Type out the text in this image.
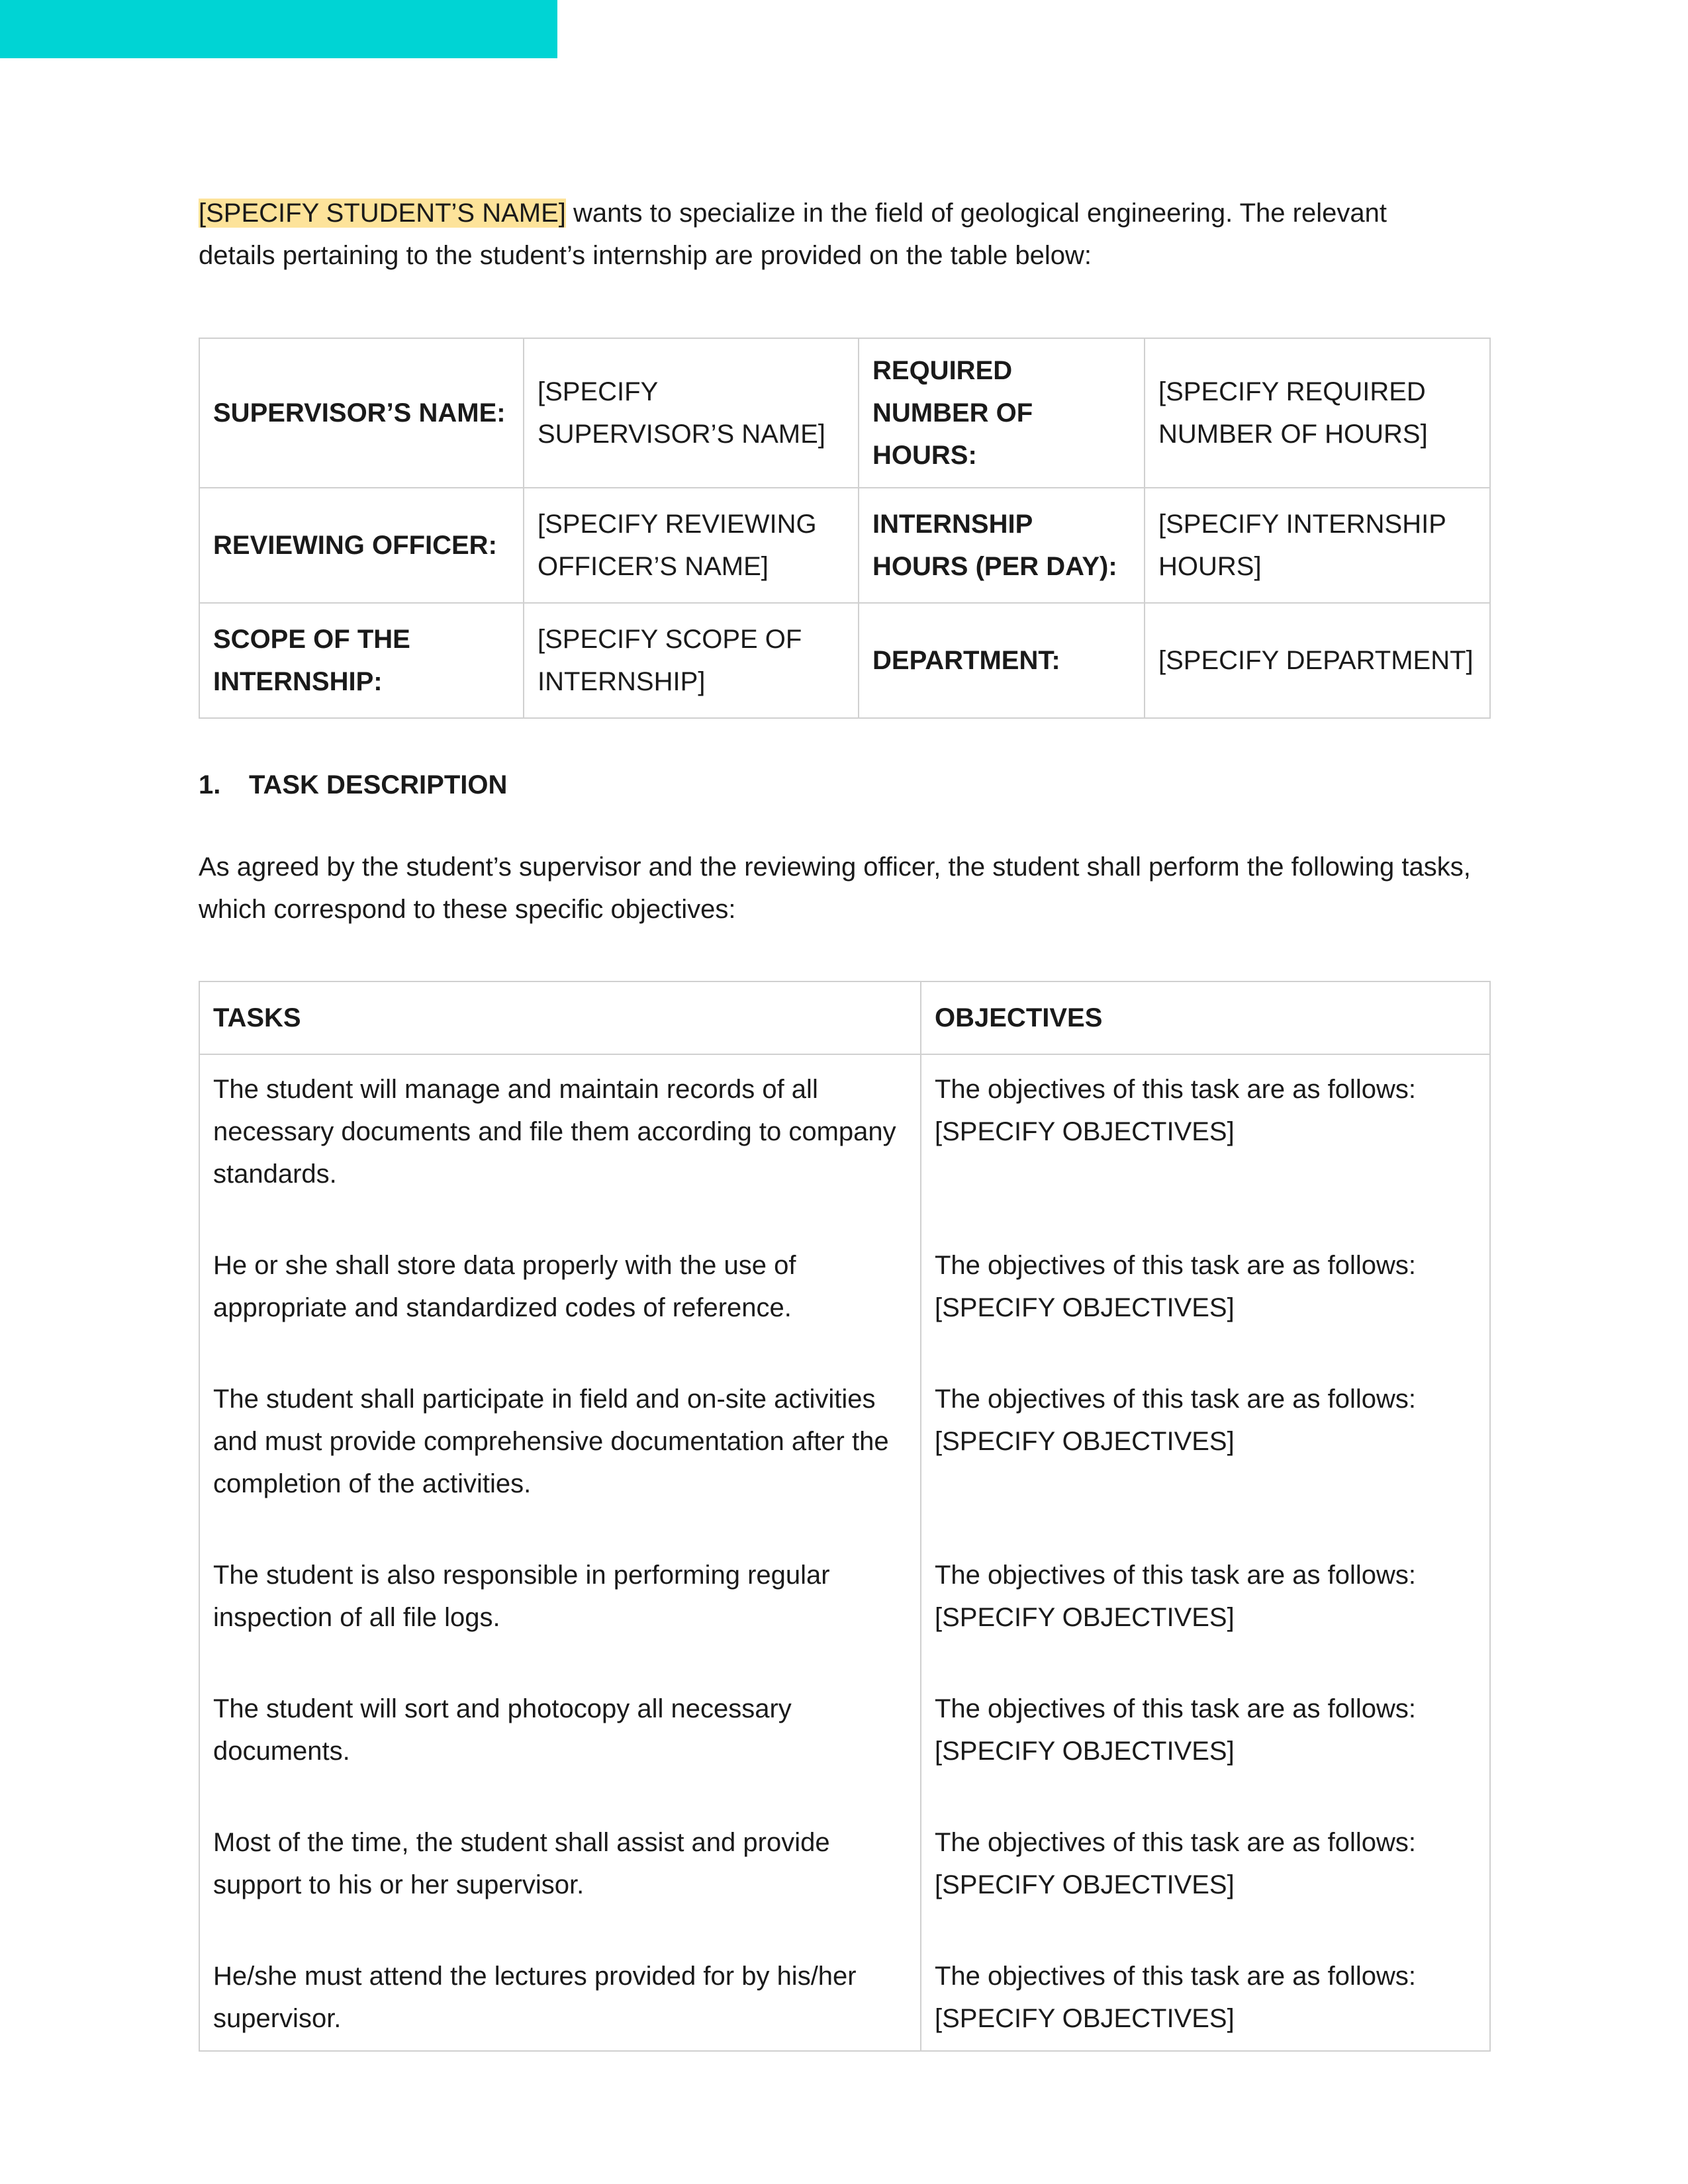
[SPECIFY STUDENT’S NAME] wants to specialize in the field of geological engineering. The relevant
details pertaining to the student’s internship are provided on the table below:

SUPERVISOR’S NAME:	[SPECIFY SUPERVISOR’S NAME]	REQUIRED NUMBER OF HOURS:	[SPECIFY REQUIRED NUMBER OF HOURS]
REVIEWING OFFICER:	[SPECIFY REVIEWING OFFICER’S NAME]	INTERNSHIP HOURS (PER DAY):	[SPECIFY INTERNSHIP HOURS]
SCOPE OF THE INTERNSHIP:	[SPECIFY SCOPE OF INTERNSHIP]	DEPARTMENT:	[SPECIFY DEPARTMENT]
1. TASK DESCRIPTION

As agreed by the student’s supervisor and the reviewing officer, the student shall perform the following tasks, which correspond to these specific objectives:

TASKS	OBJECTIVES
The student will manage and maintain records of all necessary documents and file them according to company standards.	The objectives of this task are as follows:
[SPECIFY OBJECTIVES]
He or she shall store data properly with the use of appropriate and standardized codes of reference.	The objectives of this task are as follows:
[SPECIFY OBJECTIVES]
The student shall participate in field and on-site activities and must provide comprehensive documentation after the completion of the activities.	The objectives of this task are as follows:
[SPECIFY OBJECTIVES]
The student is also responsible in performing regular inspection of all file logs.	The objectives of this task are as follows:
[SPECIFY OBJECTIVES]
The student will sort and photocopy all necessary documents.	The objectives of this task are as follows:
[SPECIFY OBJECTIVES]
Most of the time, the student shall assist and provide support to his or her supervisor.	The objectives of this task are as follows:
[SPECIFY OBJECTIVES]
He/she must attend the lectures provided for by his/her supervisor.	The objectives of this task are as follows:
[SPECIFY OBJECTIVES]
